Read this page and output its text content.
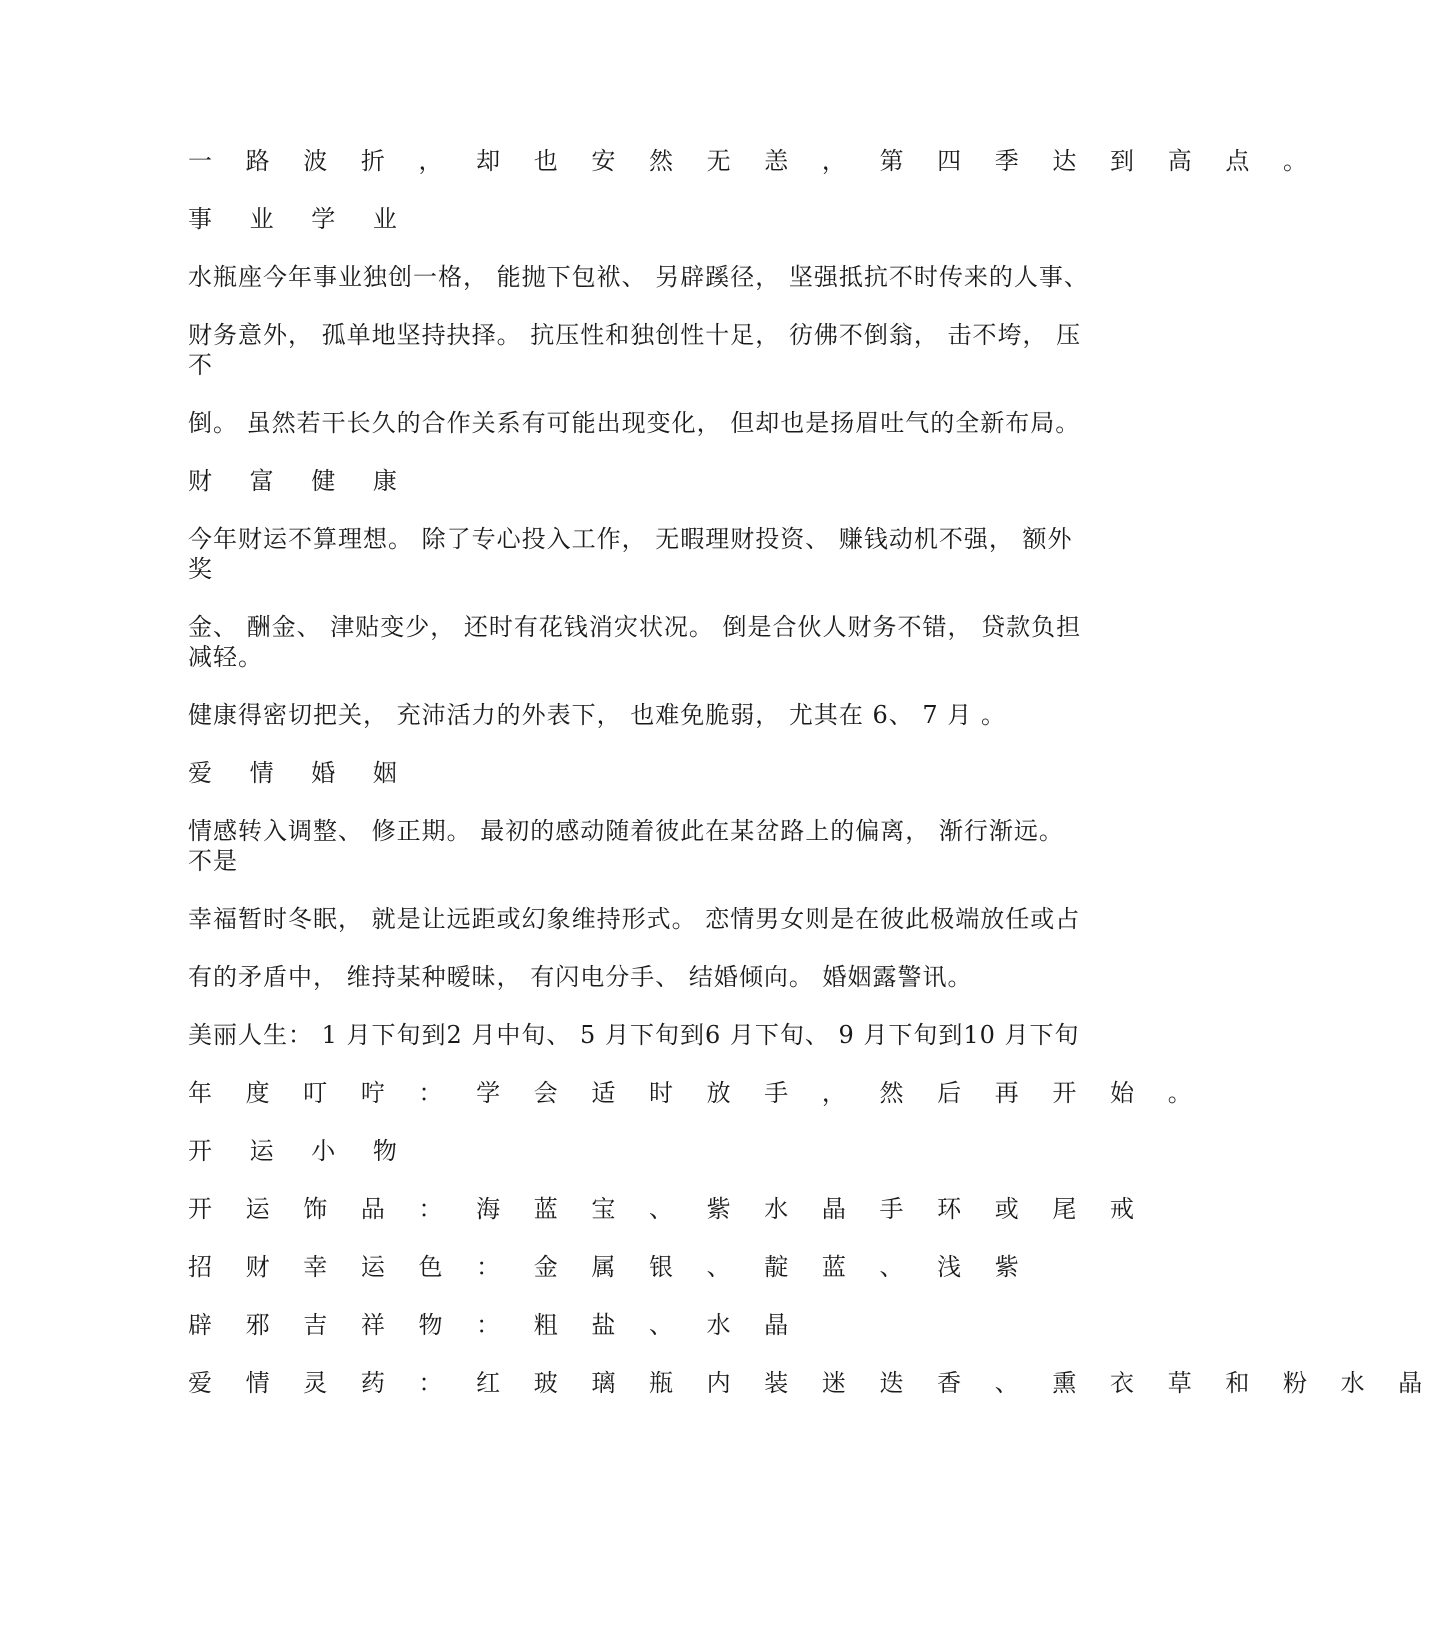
一 路 波 折 ， 却 也 安 然 无 恙 ， 第 四 季 达 到 高 点 。
事 业 学 业
水瓶座今年事业独创一格， 能抛下包袱、 另辟蹊径， 坚强抵抗不时传来的人事、
财务意外， 孤单地坚持抉择。 抗压性和独创性十足， 彷佛不倒翁， 击不垮， 压
不
倒。 虽然若干长久的合作关系有可能出现变化， 但却也是扬眉吐气的全新布局。
财 富 健 康
今年财运不算理想。 除了专心投入工作， 无暇理财投资、 赚钱动机不强， 额外
奖
金、 酬金、 津贴变少， 还时有花钱消灾状况。 倒是合伙人财务不错， 贷款负担
减轻。
健康得密切把关， 充沛活力的外表下， 也难免脆弱， 尤其在 6、 7 月 。
爱 情 婚 姻
情感转入调整、 修正期。 最初的感动随着彼此在某岔路上的偏离， 渐行渐远。
不是
幸福暂时冬眠， 就是让远距或幻象维持形式。 恋情男女则是在彼此极端放任或占
有的矛盾中， 维持某种暧昧， 有闪电分手、 结婚倾向。 婚姻露警讯。
美丽人生： 1 月下旬到2 月中旬、 5 月下旬到6 月下旬、 9 月下旬到10 月下旬
年 度 叮 咛 ： 学 会 适 时 放 手 ， 然 后 再 开 始 。
开 运 小 物
开 运 饰 品 ： 海 蓝 宝 、 紫 水 晶 手 环 或 尾 戒
招 财 幸 运 色 ： 金 属 银 、 靛 蓝 、 浅 紫
辟 邪 吉 祥 物 ： 粗 盐 、 水 晶
爱 情 灵 药 ： 红 玻 璃 瓶 内 装 迷 迭 香 、 熏 衣 草 和 粉 水 晶
